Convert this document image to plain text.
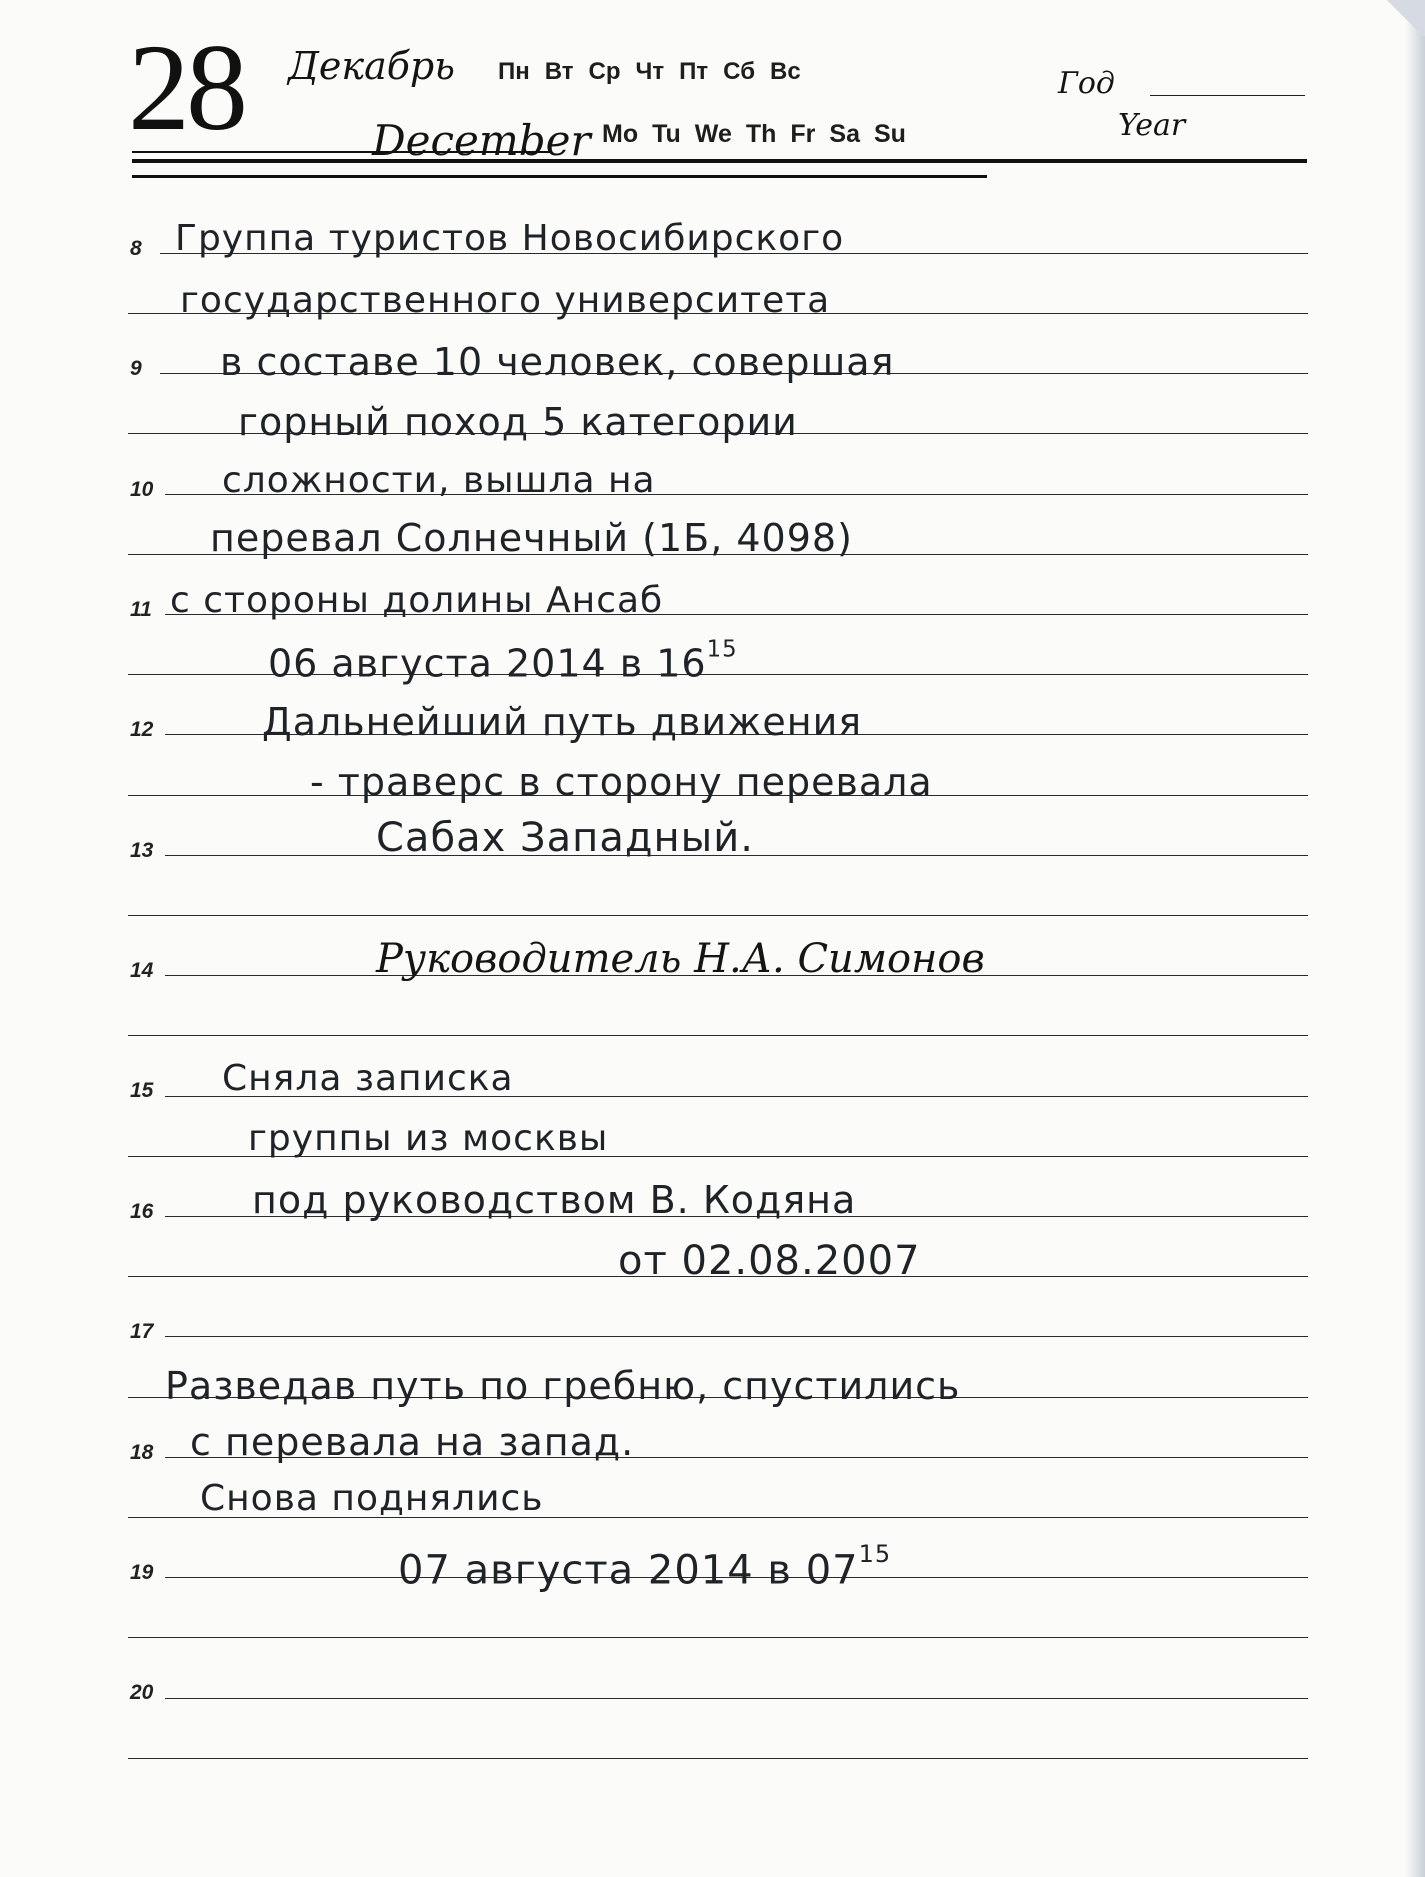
28 Декабрь
December
Пн Вт Ср Чт Пт Сб Вс
Mo Tu We Th Fr Sa Su
Год
Year
8
9
10
11
12
13
14
15
16
17
18
19
20
Группа туристов Новосибирского
государственного университета
в составе 10 человек, совершая
горный поход 5 категории
сложности, вышла на
перевал Солнечный (1Б, 4098)
с стороны долины Ансаб
06 августа 2014 в $16^{15}$
Дальнейший путь движения
- траверс в сторону перевала
Сабах Западный.
Руководитель Н.А. Симонов
Сняла записка
группы из москвы
под руководством В. Кодяна
от 02.08.2007
Разведав путь по гребню, спустились
с перевала на запад.
Снова поднялись
07 августа 2014 в $07^{15}$
